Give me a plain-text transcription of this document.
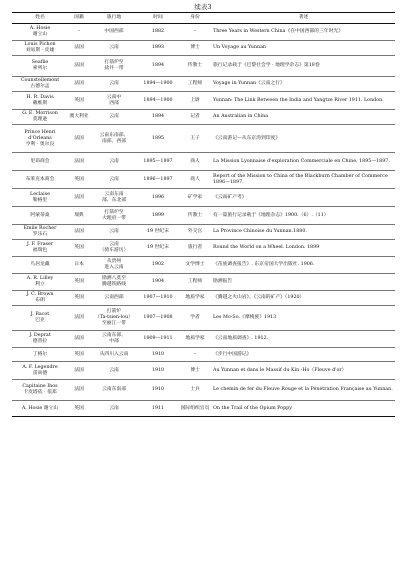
续表3
姓名	国籍	旅行地	时间	身份	著述

A. Hosie
谢立山	–	中国西部	1882	–	Three Years in Western China《在中国西部的三年时光》

Louis Pichon
刘易斯 · 皮雄	法国	云南	1893	博士	Un Voyage au Yunnan

Seaflie
索列尔	法国	打箭炉至
盐井一带	1894	传教士	旅行记录载于《巴黎社会学 · 地理学杂志》第18卷

Counstellemont
古德尔孟	法国	云南	1894—1900	工程师	Voyage in Yunnan《云南之行》

H. R. Davis
戴维斯	英国	云南中
西部	1894—1900	上尉	Yunnan: The Link Between the India and Yangtze River 1911. London.

G. E. Morrison
莫理逊	澳大利亚	云南	1894	记者	An Australian in China

Prince Henri
d'Orleans
亨利 · 奥尔良	法国	云南东南部、
南部、西部	1895	王子	《云南游记—从东京湾到印度》

里昂商会	法国	云南	1895—1897	商人	La Mission Lyonnaise d'exploration Commerciale en Chine, 1895—1897.

布莱克本商会	英国	云南	1896—1897	商人	Report of the Mission to China of the Blackburn Chamber of Commerce 1896—1897.

Leclaise
勒格里	法国	云南东南
部、东北部	1896	矿学家	《云南矿产考》

阿蒙蒂桑	瑞典	打箭炉至
大理府一带	1899	传教士	有一篇旅行记录载于《地理杂志》1900.（6）.（11）

Emile Rocher
罗乐石	法国	云南	19 世纪末	外交官	La Province Chinoise du Yunnan.1880.

J. F. Fraser
福瑞色	英国	云南
（骑车游历）	19 世纪末	旅行者	Round the World on a Wheel. London. 1899

鸟居龙藏	日本	从贵州
进入云南	1902	文学博士	《苗族调查报告》. 东京帝国大学出版社. 1906.

A. R. Lilley
利立	英国	勘测八莫至
腾越铁路线	1904	工程师	勘测报告

J. C. Brown
布朗	英国	云南西部	1907—1910	地质学家	《腾越之火山岩》、《云南的矿产》（1920）

J. Bacot
巴克	法国	打箭炉
（Ta-tsien-lou）
至丽江一带	1907—1908	学者	Les Mo-So.《摩梭族》1913

J. Deprat
德普拉	法国	云南东部、
中部	1909—1911	地质学家	《云南地质调查》. 1912.

丁格尔	英国	从四川入云南	1910	–	《步行中国游记》

A. F. Legendre
雷尚德	法国	云南	1910	博士	Au Yunnan et dans le Massif du Kin -Ho（Fleuve d'or）

Capitaine Ihos
卡皮塔依 · 依郑	法国	云南东南部	1910	士兵	Le chemin de fer du Fleuve Rouge et la Pénétration Française au Yunnan.

A. Hosie 谢立山	英国	云南	1911	国际组织官员	On the Trail of the Opium Poppy
